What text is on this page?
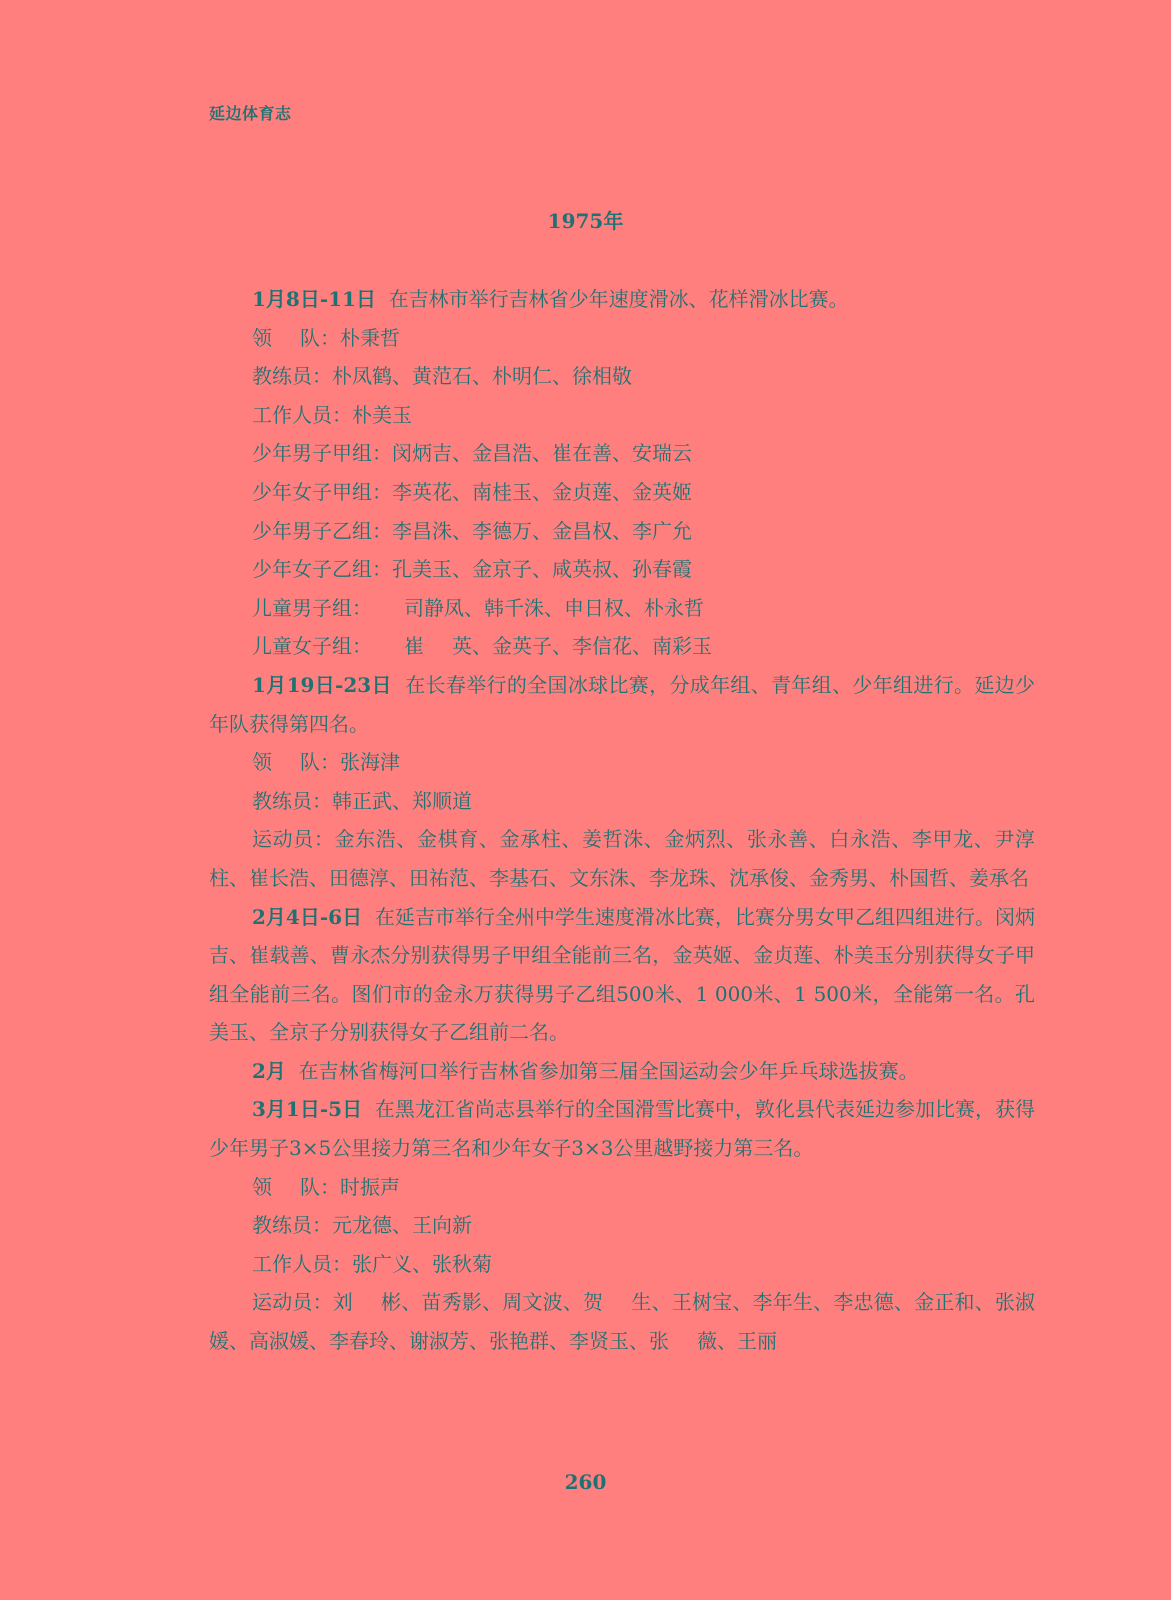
延边体育志
1975年

1月8日-11日 在吉林市举行吉林省少年速度滑冰、花样滑冰比赛。

领 队：朴秉哲

教练员：朴凤鹤、黄范石、朴明仁、徐相敬

工作人员：朴美玉

少年男子甲组：闵炳吉、金昌浩、崔在善、安瑞云

少年女子甲组：李英花、南桂玉、金贞莲、金英姬

少年男子乙组：李昌洙、李德万、金昌权、李广允

少年女子乙组：孔美玉、金京子、咸英叔、孙春霞

儿童男子组： 司静凤、韩千洙、申日权、朴永哲

儿童女子组： 崔 英、金英子、李信花、南彩玉

1月19日-23日 在长春举行的全国冰球比赛，分成年组、青年组、少年组进行。延边少年队获得第四名。

领 队：张海津

教练员：韩正武、郑顺道

运动员：金东浩、金棋育、金承柱、姜哲洙、金炳烈、张永善、白永浩、李甲龙、尹淳柱、崔长浩、田德淳、田祐范、李基石、文东洙、李龙珠、沈承俊、金秀男、朴国哲、姜承名

2月4日-6日 在延吉市举行全州中学生速度滑冰比赛，比赛分男女甲乙组四组进行。闵炳吉、崔载善、曹永杰分别获得男子甲组全能前三名，金英姬、金贞莲、朴美玉分别获得女子甲组全能前三名。图们市的金永万获得男子乙组500米、1 000米、1 500米，全能第一名。孔美玉、全京子分别获得女子乙组前二名。

2月 在吉林省梅河口举行吉林省参加第三届全国运动会少年乒乓球选拔赛。

3月1日-5日 在黑龙江省尚志县举行的全国滑雪比赛中，敦化县代表延边参加比赛，获得少年男子3×5公里接力第三名和少年女子3×3公里越野接力第三名。

领 队：时振声

教练员：元龙德、王向新

工作人员：张广义、张秋菊

运动员：刘 彬、苗秀影、周文波、贺 生、王树宝、李年生、李忠德、金正和、张淑媛、高淑媛、李春玲、谢淑芳、张艳群、李贤玉、张 薇、王丽

260
